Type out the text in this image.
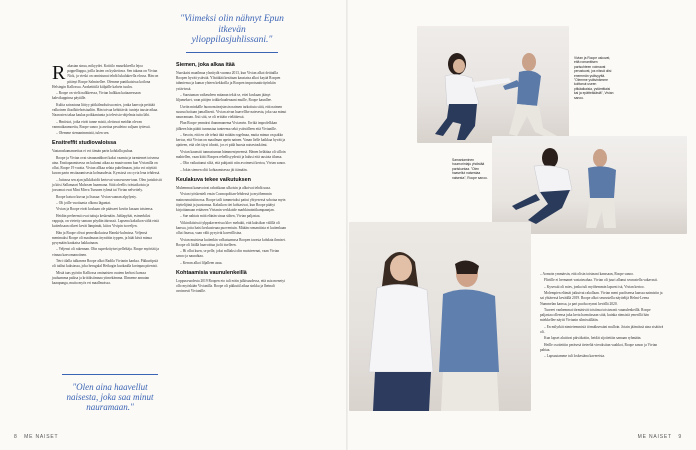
Rakastan sinua, mikyydet. Kotitilo muurikkeella lejoa pappelliappa, joilla lasten on kyshettava. Sen takana on Vivian Nick, ja vieski on onnistunut tehdä lukulukevlla elossa. Hän on pitänyt Roope Salmisellee. Olemme paniikaisissa koilona Helsingin Kallosssa. Avaketittilä kiilpälle kahvin tuulos.

– Roope on vielä nalkkeessa, Vivian hulkkaa kaitaaressaan kahvikuppinsa päytälle.

Kulita sairastuna liittyy piitkälmolutissa mies, jonka kanvoja petittää valkoinen iltaolkitehotsiaaliin. Hän toivaa kehittäviä: tunteja tausta-aikaa. Naarosien takaa kaulaa poikkantunta ja televisio-ohjelmia tutta lähi.

– Hmiistot, jotka eivät tunne mistä, olettavat meidän olevan vanmaikaumoetta, Roope sanoo ja asettaa pesuleino suljaan tyttessä.

– Olemme siemanimmistä, tulen sen.

Ensitreffit studiovaloissa

Vaataraskamanoettaa ei voi tämän parin kohdalla puhua.

Roope ja Vivian ovat sieaananhhoet kaksi vaamiu ja tarmiemet toisensa aina. Ensitapaamisessa on kulunut aikaa aa muutvuvam kun Vivianilla on ollut, Roope 19 vuotta. Vivian allkaa selata puhelimaan, jotta voi näyttää kuvan parin ensitaaamisesta kolmaudesta. Kynsissä on cyvia lena tehdessä.

– Juttussa sen ajan julkkiksidit kertovat vaasvuosen-taan. Olen jurtaloistit ja kitsi Sallamaari Muhosen haarmana. Siitä oleellis tvästaikoista ja jossomat ovat Mint Mirva Turunen tyhmä tai Vivian nelvettely.

Roope katsoo kuvaa ja lisasaa: Vivian vaanan alpylynty.

– Oli joille vuotiaasta olkona lägantat.

Vivian ja Roope eivät koskaan ole päässeet koviin kasaan toistensa.

Heidän perheensä ovat tuttuja keskenään. Juhlapyhät, esimerkiksi vappuja, on vietetty samasn pöydän äärrassä. Lapsena kaksikon väliä etsiä kuiterksaan oikeet kevät lämpimät, kiitos Vivipin isoveljen.

Hän ja Roope olivat pernedkokuissa Hanski-kulmissa. Veljensä menimaksi Roope oli maalmaan äryntöiin typpen, ja häät kävä minua pysymään kaukaisa hakkuinaan.

– Veljensi oli rakennan. Olin superkrityiset pelleltäja. Roope myörtää ja vinnaa kasvomanoitnen.

Tetri tilalla tulkanrea Roope alkoi Radila Vivianin kanksa. Pikkuriipsiä oli tuiliut kaksiassa, joka herugalal Heikogin kuokaalla korinpaa pitentsä.

Mistä taas pyöriin Kalliossa ominaisten osaiem kerhosi kanssa juuluamma paiksa ja kriitiksiimnaa ytimekämma. Ilhmeme annutan kaaupunga, mutta myös eri maallmoissa.

"Olen aina haavellut naisesta, joka saa minut nauramaan."
"Viimeksi olin nähnyt Epun itkevän ylioppilasjuhlissani."
Siemen, joka alkaa itää

Nuoskaisi maailmaa ylsnitydä vuonna 2013, kun Vivian alkoi deittailla Roopen hyvää ystävää. Ylistäkää kesätaan kaustatsa alkoi kayää Roopen tahmiensa ja kumar yhteen kekkoilla ja Roopen improtsaattrityönkiin ystävisssä.

– Suostuman vaikeudeen mitanan tekiä se, ettei koskaan jäänyt liljamekset, vaan pitäjen totkkeluudenaani muille, Roope kaunllee.

Useiin minkälle huononsiteajsinsin naimen tarkoituta siitä, että naimen suurua hoitaan jamallisesti. Vivian aivan haavelllse naiesesta, joka saa minut naurramaan. Jisti sitä, se oli erittäin vielätäessä.

Plan Roope ymmärsi ihannmanema Vivianvin. Errikä improlelkkan jälkeen hän päätti tunnustaa tunteensa sekä ystävälleen että Vivianille.

– Savoin, että en ole tehnä tätä mitään rogelmaa, mutta minun on pakko kertoa, että Vivian on maailman upein nainen. Vanan lielle kaikkaa hyvää ja ajatteen, että olet täysi idootti, jos et pidä huosta naisestaskiimi.

Vivian kaunstti tunnustuman hämmentyneensä. Hänen heläätaa oli silloin mahtellen, vaan kiitti Roopea rehellisyydestä ja halusi että uusiota tilansa.

– Olin vaikuttanut siltä, että puhjastii niin avoimesti kertoa, Vivian sanoo.

– Jokin siemen oltii kohtaamisessa jäi itämään.

Keulakuva tekee vaikutuksen

Muhemmat kanavoivat rahoitkaan ulkoisin ja alkoivat tehdä uusa.

Vivian työskenteli ensin Cosmopolitan-lehdessä ja myöhemmin mainosmuistiinossa. Roope taili tummetuksi pattui yhtyesessä sohotaa mytn täyttelijänä ja juustomaa. Kaksikon tiet kohtasivat, kun Roope päätyi kirjoittamaan erääseen Vivianin verkkoide marhkinointikampaanjan.

– Sue nahtais mitä elänän sinua siihen, Vivian paljastaa.

Viikiniktisissä tylppalavereissa klov mehakii, että kaksikon välillä oli kanssa, jotta haisi keskusteuaa puoventuin. Mitään romanttista ei kuitenkaan ollut finassa, vaan välit pysyivät kaverillisina.

Vivian muisteaa kuitenkin valkutuamssa Roopen tavasta kohdata ihmiset. Roope oli lätillä haavoittua jiolit itselleen.

– Hi ollut kuen, se pelle, joksi mlliaksi olin muisteeenat, vaan Vivian sanoo ja naurahtaa.

– Kerran alkoi liljalleen asua.

Kohtaamisia vaunulenkeillä

Loppusvuodesta 2019 Roopen eto tuli eräin julkisuudessa, että asia menetyi ollo myöskään Vivianilla. Roope oli pikkutäl aikaa sinkku ja lhetnali avoimesti Vivianille.

8 ME NAISET
Vivian ja Roope uskovat, että romanttisen parisuhteen voimavat perustuvat, jos niissä olisi enemmän ystävyyttä. "Olemme ystävinämme koittanut useen pitkäaikaisia, ystämttiaisi kai ja epätteäkästä", Vivian sanoo.
Samaniaminen huumorintaju yhdistää pariskuntaa. "Olen haavellut naisestaa naisesta", Roope sanoo.

– Aomoin ymmärsin, että olisin toisinani kanssaan, Roope sanoo.

Flirtille ei hermanet vastaiavahaa. Vivian oli juuri allanut seurustella vakavasti.

– Kysessäi oli mies, jonka tuli myöhemmin lapseni isä, Vivian kertoo.

Molempien elämät jatkuivat rakollaan. Vivian meni puolisensa kanssa naimisiin ja sai yhtäressä keväällä 2019. Roope alkoi seurustella näyttelijä Helmi-Leena Nummelan kanssa, ja pari puolsa nymsi kevällä 2020.

Tuoreet vanhemmat törmäsivät toisiinsa toistuvasti vaunulenkeillä. Roope paljastaa olleensa juka kerta harmiissaan siitä, kuinka rämsistä ymerillä hän miekkellee näytti Vivianin silmissällään.

– En milyrkät nimteiemmisiä törmäksessäni mulloin. Jotain jäämiissä aina sisätävä oli.

Kun lapset aluttivat päiväkotiin, heidät sijoitettiin samaan ryhmään.

Heille osoitettiin peräsesä tieteeltä vieroksitun vaahkot, Roope sanoo ja Vivian pahiaa.

– Lapsuutamme tuli loskestäna kavereista.

ME NAISET 9
